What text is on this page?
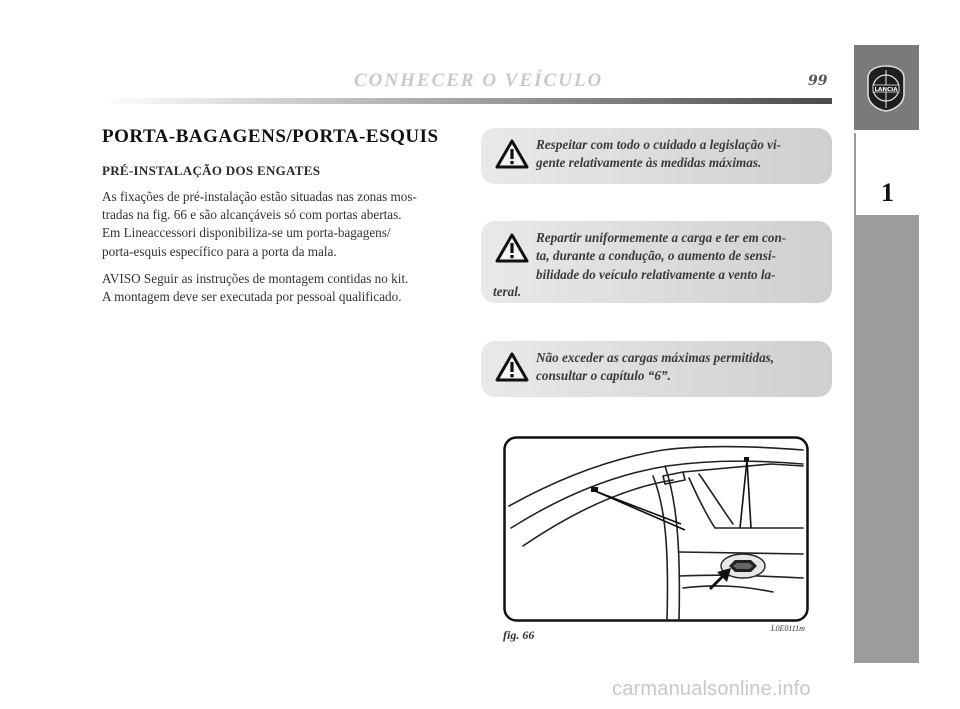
CONHECER O VEÍCULO	99
LANCIA
1
PORTA-BAGAGENS/PORTA-ESQUIS
PRÉ-INSTALAÇÃO DOS ENGATES
As fixações de pré-instalação estão situadas nas zonas mos-
tradas na fig. 66 e são alcançáveis só com portas abertas.
Em Lineaccessori disponibiliza-se um porta-bagagens/
porta-esquis específico para a porta da mala.
AVISO Seguir as instruções de montagem contidas no kit.
A montagem deve ser executada por pessoal qualificado.
Respeitar com todo o cuidado a legislação vi-
gente relativamente às medidas máximas.
Repartir uniformemente a carga e ter em con-
ta, durante a condução, o aumento de sensi-
bilidade do veículo relativamente a vento la-
teral.
Não exceder as cargas máximas permitidas,
consultar o capítulo “6”.
fig. 66	L0E0111m
carmanualsonline.info
